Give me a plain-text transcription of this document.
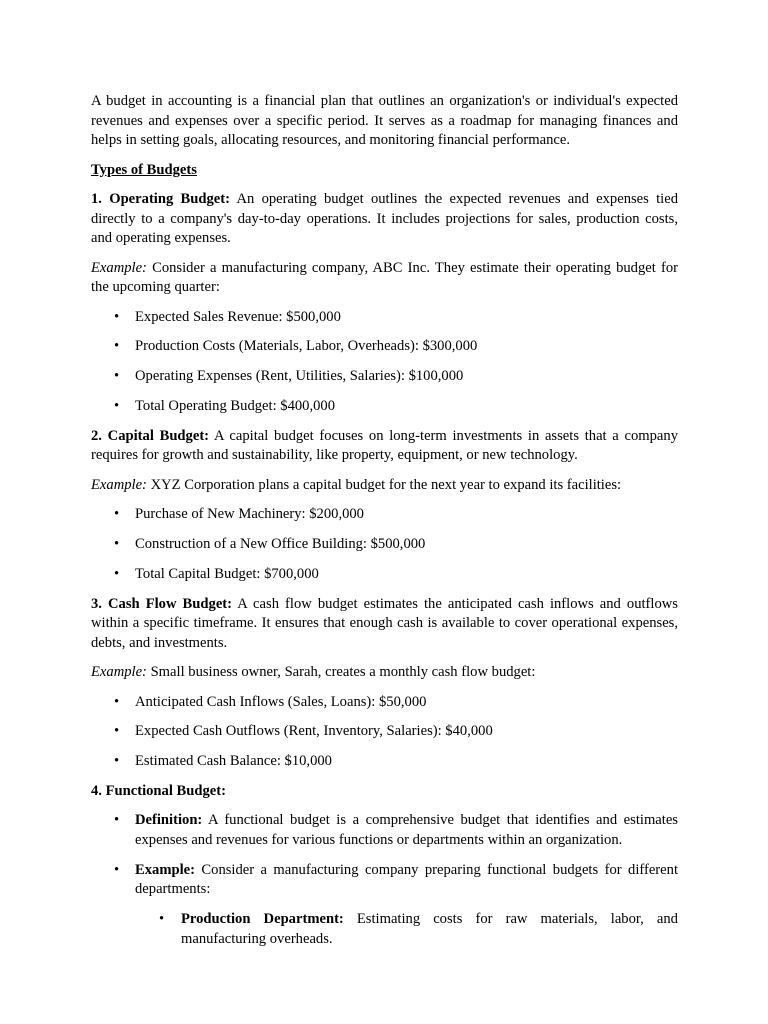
A budget in accounting is a financial plan that outlines an organization's or individual's expected revenues and expenses over a specific period. It serves as a roadmap for managing finances and helps in setting goals, allocating resources, and monitoring financial performance.

Types of Budgets

1. Operating Budget: An operating budget outlines the expected revenues and expenses tied directly to a company's day-to-day operations. It includes projections for sales, production costs, and operating expenses.

Example: Consider a manufacturing company, ABC Inc. They estimate their operating budget for the upcoming quarter:

• Expected Sales Revenue: $500,000
• Production Costs (Materials, Labor, Overheads): $300,000
• Operating Expenses (Rent, Utilities, Salaries): $100,000
• Total Operating Budget: $400,000

2. Capital Budget: A capital budget focuses on long-term investments in assets that a company requires for growth and sustainability, like property, equipment, or new technology.

Example: XYZ Corporation plans a capital budget for the next year to expand its facilities:

• Purchase of New Machinery: $200,000
• Construction of a New Office Building: $500,000
• Total Capital Budget: $700,000

3. Cash Flow Budget: A cash flow budget estimates the anticipated cash inflows and outflows within a specific timeframe. It ensures that enough cash is available to cover operational expenses, debts, and investments.

Example: Small business owner, Sarah, creates a monthly cash flow budget:

• Anticipated Cash Inflows (Sales, Loans): $50,000
• Expected Cash Outflows (Rent, Inventory, Salaries): $40,000
• Estimated Cash Balance: $10,000

4. Functional Budget:

• Definition: A functional budget is a comprehensive budget that identifies and estimates expenses and revenues for various functions or departments within an organization.
• Example: Consider a manufacturing company preparing functional budgets for different departments:
• Production Department: Estimating costs for raw materials, labor, and manufacturing overheads.
